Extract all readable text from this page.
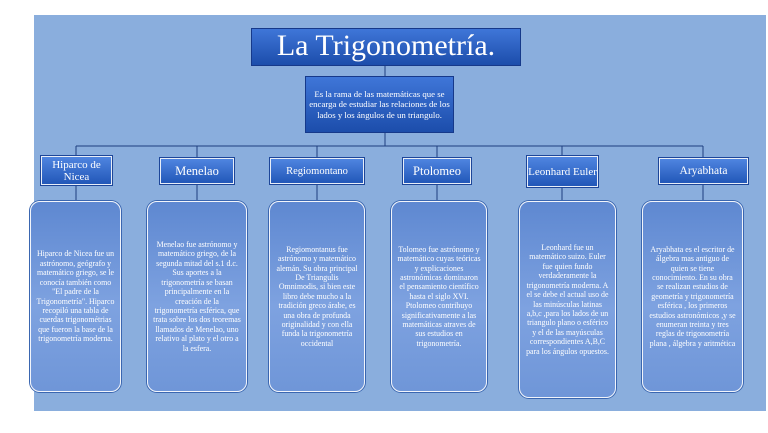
La Trigonometría.
Es la rama de las matemáticas que se encarga de estudiar las relaciones de los lados y los ángulos de un triangulo.
Hiparco de Nicea	Menelao	Regiomontano	Ptolomeo	Leonhard Euler	Aryabhata
Hiparco de Nicea fue un astrónomo, geógrafo y matemático griego, se le conocía también como "El padre de la Trigonometría". Hiparco recopiló una tabla de cuerdas trigonométrias que fueron la base de la trigonometría moderna.
Menelao fue astrónomo y matemático griego, de la segunda mitad del s.1 d.c. Sus aportes a la trigonometría se basan principalmente en la creación de la trigonometría esférica, que trata sobre los dos teoremas llamados de Menelao, uno relativo al plato y el otro a la esfera.
Regiomontanus fue astrónomo y matemático alemán. Su obra principal De Triangulis Omnimodis, si bien este libro debe mucho a la tradición greco árabe, es una obra de profunda originalidad y con ella funda la trigonometría occidental
Tolomeo fue astrónomo y matemático cuyas teóricas y explicaciones astronómicas dominaron el pensamiento científico hasta el siglo XVI. Ptolomeo contribuyo significativamente a las matemáticas atraves de sus estudios en trigonometría.
Leonhard fue un matemático suizo. Euler fue quien fundo verdaderamente la trigonometría moderna. A el se debe el actual uso de las minúsculas latinas a,b,c ,para los lados de un triangulo plano o esférico y el de las mayúsculas correspondientes A,B,C para los ángulos opuestos.
Aryabhata es el escritor de álgebra mas antiguo de quien se tiene conocimiento. En su obra se realizan estudios de geometría y trigonometría esférica , los primeros estudios astronómicos ,y se enumeran treinta y tres reglas de trigonometría plana , álgebra y aritmética
